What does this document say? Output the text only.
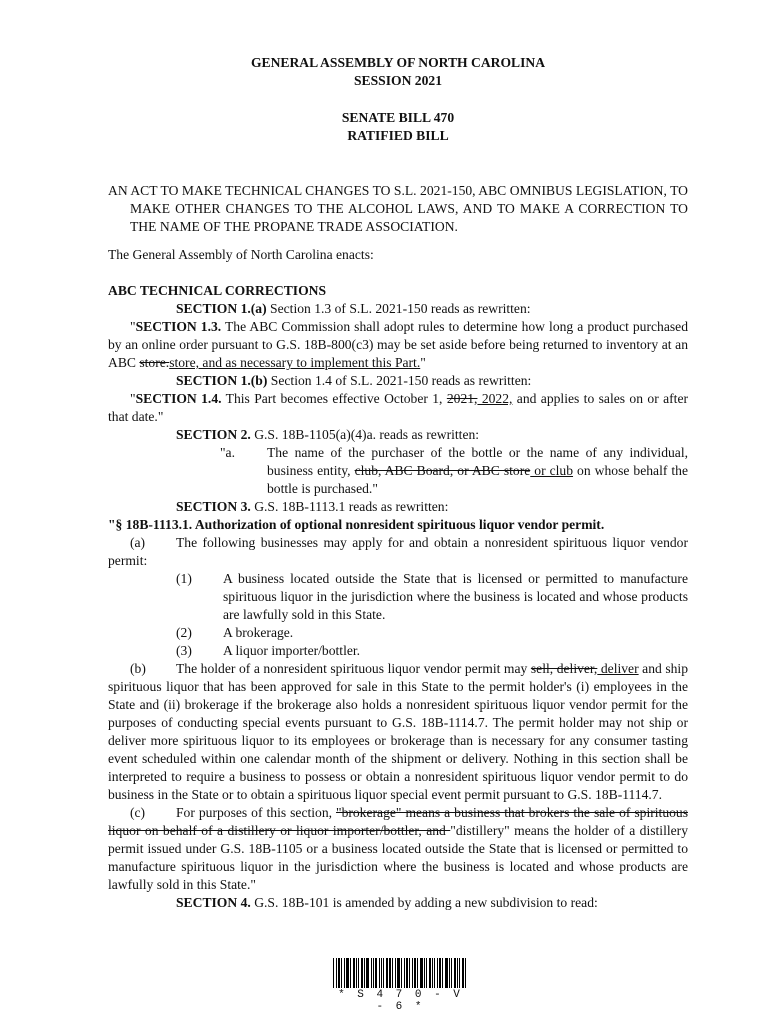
GENERAL ASSEMBLY OF NORTH CAROLINA

SESSION 2021

SENATE BILL 470

RATIFIED BILL

AN ACT TO MAKE TECHNICAL CHANGES TO S.L. 2021-150, ABC OMNIBUS LEGISLATION, TO MAKE OTHER CHANGES TO THE ALCOHOL LAWS, AND TO MAKE A CORRECTION TO THE NAME OF THE PROPANE TRADE ASSOCIATION.

The General Assembly of North Carolina enacts:

ABC TECHNICAL CORRECTIONS

SECTION 1.(a) Section 1.3 of S.L. 2021-150 reads as rewritten:

"SECTION 1.3. The ABC Commission shall adopt rules to determine how long a product purchased by an online order pursuant to G.S. 18B-800(c3) may be set aside before being returned to inventory at an ABC store.store, and as necessary to implement this Part."

SECTION 1.(b) Section 1.4 of S.L. 2021-150 reads as rewritten:

"SECTION 1.4. This Part becomes effective October 1, 2021, 2022, and applies to sales on or after that date."

SECTION 2. G.S. 18B-1105(a)(4)a. reads as rewritten:

"a.	The name of the purchaser of the bottle or the name of any individual, business entity, club, ABC Board, or ABC store or club on whose behalf the bottle is purchased."

SECTION 3. G.S. 18B-1113.1 reads as rewritten:

"§ 18B-1113.1. Authorization of optional nonresident spirituous liquor vendor permit.

(a) The following businesses may apply for and obtain a nonresident spirituous liquor vendor permit:

(1)	A business located outside the State that is licensed or permitted to manufacture spirituous liquor in the jurisdiction where the business is located and whose products are lawfully sold in this State.
(2)	A brokerage.
(3)	A liquor importer/bottler.

(b) The holder of a nonresident spirituous liquor vendor permit may sell, deliver, deliver and ship spirituous liquor that has been approved for sale in this State to the permit holder's (i) employees in the State and (ii) brokerage if the brokerage also holds a nonresident spirituous liquor vendor permit for the purposes of conducting special events pursuant to G.S. 18B-1114.7. The permit holder may not ship or deliver more spirituous liquor to its employees or brokerage than is necessary for any consumer tasting event scheduled within one calendar month of the shipment or delivery. Nothing in this section shall be interpreted to require a business to possess or obtain a nonresident spirituous liquor vendor permit to do business in the State or to obtain a spirituous liquor special event permit pursuant to G.S. 18B-1114.7.

(c) For purposes of this section, "brokerage" means a business that brokers the sale of spirituous liquor on behalf of a distillery or liquor importer/bottler, and "distillery" means the holder of a distillery permit issued under G.S. 18B-1105 or a business located outside the State that is licensed or permitted to manufacture spirituous liquor in the jurisdiction where the business is located and whose products are lawfully sold in this State."

SECTION 4. G.S. 18B-101 is amended by adding a new subdivision to read:

* S 4 7 0 - V - 6 *
